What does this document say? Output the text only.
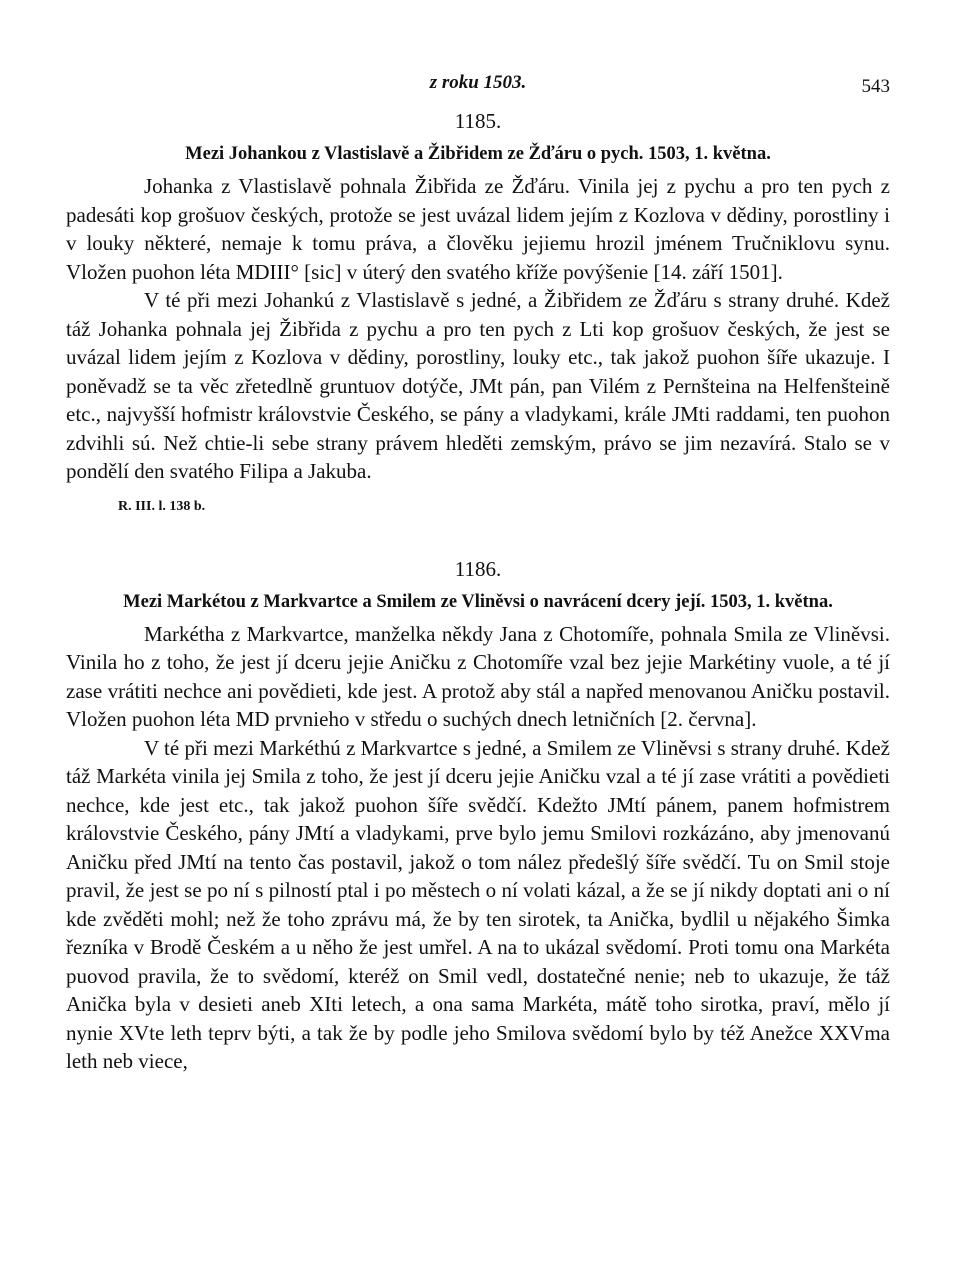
z roku 1503.	543
1185.
Mezi Johankou z Vlastislavě a Žibřidem ze Žďáru o pych. 1503, 1. května.

Johanka z Vlastislavě pohnala Žibřida ze Žďáru. Vinila jej z pychu a pro ten pych z padesáti kop grošuov českých, protože se jest uvázal lidem jejím z Kozlova v dědiny, porostliny i v louky některé, nemaje k tomu práva, a člověku jejiemu hrozil jménem Tručniklovu synu. Vložen puohon léta MDIII° [sic] v úterý den svatého kříže povýšenie [14. září 1501].

V té při mezi Johankú z Vlastislavě s jedné, a Žibřidem ze Žďáru s strany druhé. Kdež táž Johanka pohnala jej Žibřida z pychu a pro ten pych z Lti kop grošuov českých, že jest se uvázal lidem jejím z Kozlova v dědiny, porostliny, louky etc., tak jakož puohon šíře ukazuje. I poněvadž se ta věc zřetedlně gruntuov dotýče, JMt pán, pan Vilém z Pernšteina na Helfenšteině etc., najvyšší hofmistr královstvie Českého, se pány a vladykami, krále JMti raddami, ten puohon zdvihli sú. Než chtie-li sebe strany právem hleděti zemským, právo se jim nezavírá. Stalo se v pondělí den svatého Filipa a Jakuba.

R. III. l. 138 b.
1186.
Mezi Markétou z Markvartce a Smilem ze Vliněvsi o navrácení dcery její. 1503, 1. května.

Markétha z Markvartce, manželka někdy Jana z Chotomíře, pohnala Smila ze Vliněvsi. Vinila ho z toho, že jest jí dceru jejie Aničku z Chotomíře vzal bez jejie Markétiny vuole, a té jí zase vrátiti nechce ani povědieti, kde jest. A protož aby stál a napřed menovanou Aničku postavil. Vložen puohon léta MD prvnieho v středu o suchých dnech letničních [2. června].

V té při mezi Markéthú z Markvartce s jedné, a Smilem ze Vliněvsi s strany druhé. Kdež táž Markéta vinila jej Smila z toho, že jest jí dceru jejie Aničku vzal a té jí zase vrátiti a povědieti nechce, kde jest etc., tak jakož puohon šíře svědčí. Kdežto JMtí pánem, panem hofmistrem královstvie Českého, pány JMtí a vladykami, prve bylo jemu Smilovi rozkázáno, aby jmenovanú Aničku před JMtí na tento čas postavil, jakož o tom nález předešlý šíře svědčí. Tu on Smil stoje pravil, že jest se po ní s pilností ptal i po městech o ní volati kázal, a že se jí nikdy doptati ani o ní kde zvěděti mohl; než že toho zprávu má, že by ten sirotek, ta Anička, bydlil u nějakého Šimka řezníka v Brodě Českém a u něho že jest umřel. A na to ukázal svědomí. Proti tomu ona Markéta puovod pravila, že to svědomí, kteréž on Smil vedl, dostatečné nenie; neb to ukazuje, že táž Anička byla v desieti aneb XIti letech, a ona sama Markéta, mátě toho sirotka, praví, mělo jí nynie XVte leth teprv býti, a tak že by podle jeho Smilova svědomí bylo by též Anežce XXVma leth neb viece,
